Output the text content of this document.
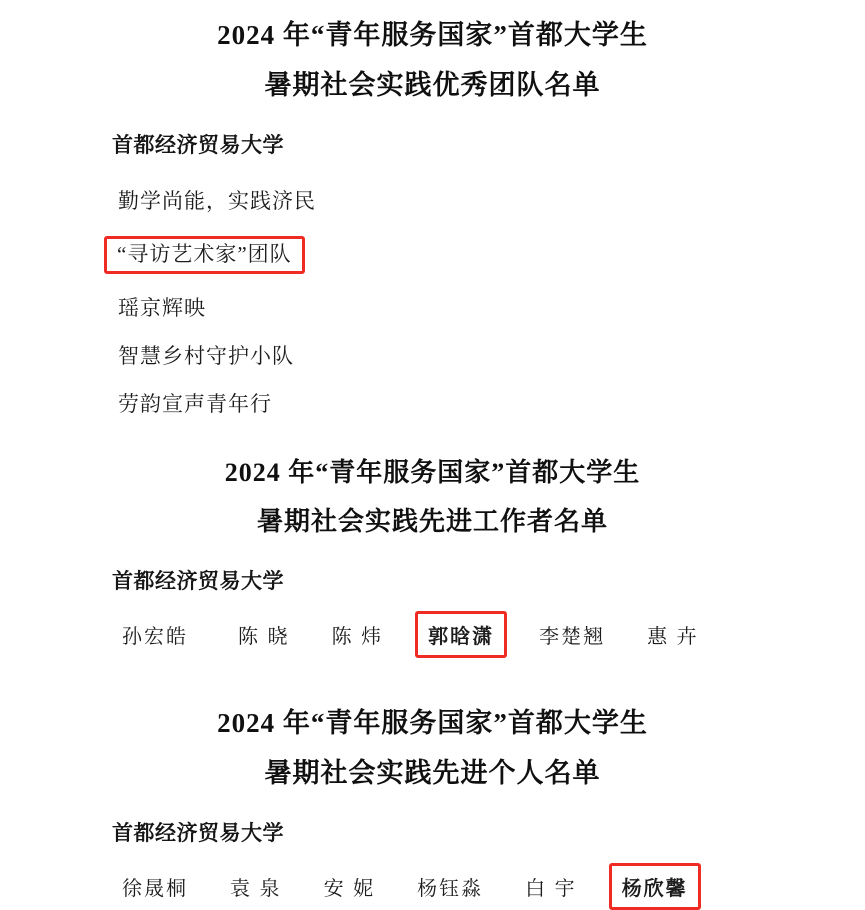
2024 年“青年服务国家”首都大学生
暑期社会实践优秀团队名单
首都经济贸易大学
勤学尚能，实践济民
“寻访艺术家”团队
瑶京辉映
智慧乡村守护小队
劳韵宣声青年行
2024 年“青年服务国家”首都大学生
暑期社会实践先进工作者名单
首都经济贸易大学
孙宏皓	陈 晓	陈 炜	郭晗潇	李楚翘	惠 卉
2024 年“青年服务国家”首都大学生
暑期社会实践先进个人名单
首都经济贸易大学
徐晟桐	袁 泉	安 妮	杨钰淼	白 宇	杨欣馨
